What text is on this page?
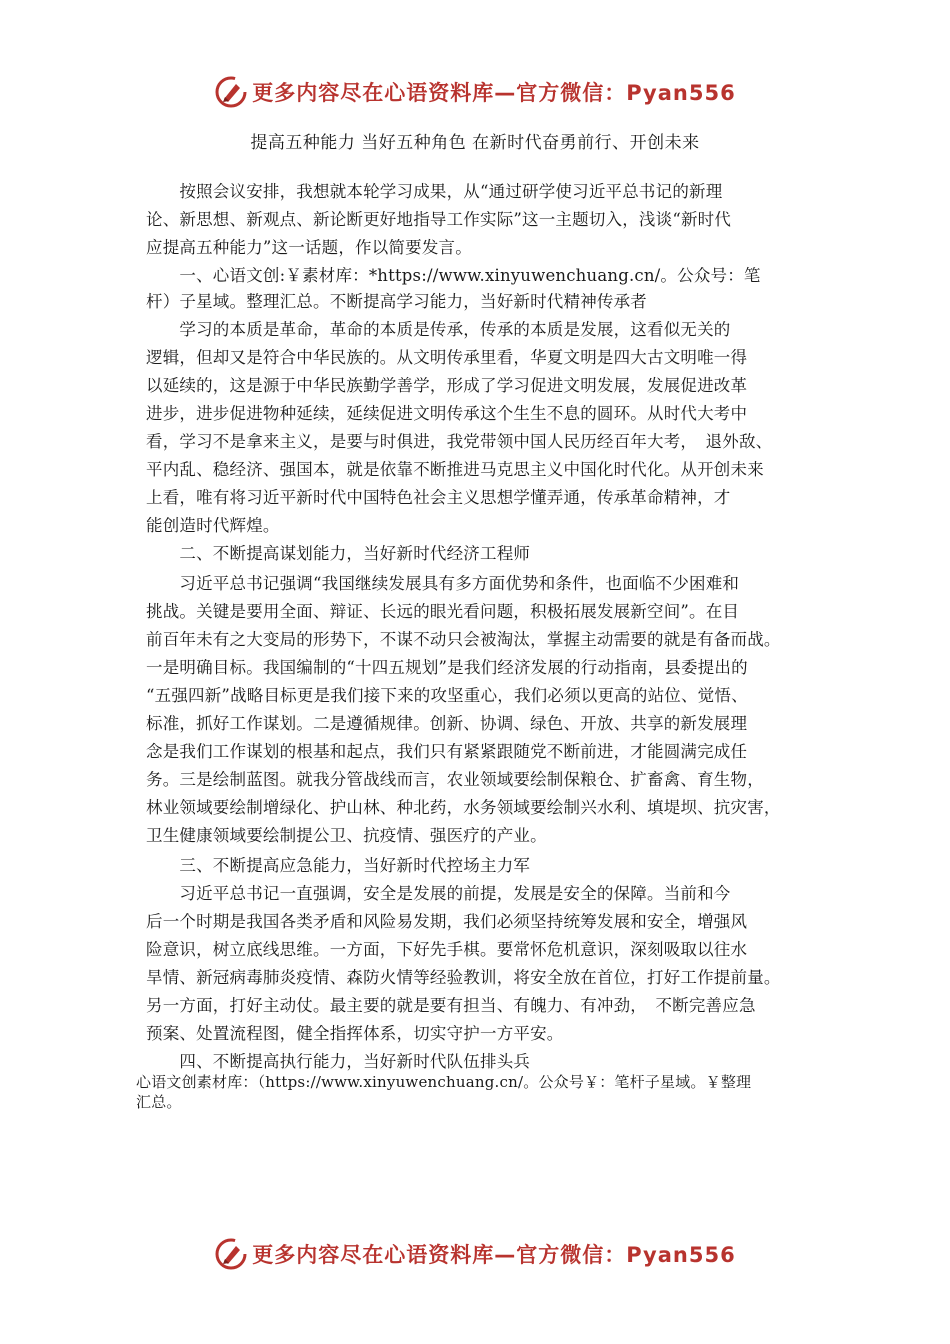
更多内容尽在心语资料库—官方微信：Pyan556
提高五种能力 当好五种角色 在新时代奋勇前行、开创未来
　　按照会议安排，我想就本轮学习成果，从“通过研学使习近平总书记的新理
论、新思想、新观点、新论断更好地指导工作实际”这一主题切入，浅谈“新时代
应提高五种能力”这一话题，作以简要发言。
　　一、心语文创:￥素材库：*https://www.xinyuwenchuang.cn/。公众号：笔
杆）子星域。整理汇总。不断提高学习能力，当好新时代精神传承者
　　学习的本质是革命，革命的本质是传承，传承的本质是发展，这看似无关的
逻辑，但却又是符合中华民族的。从文明传承里看，华夏文明是四大古文明唯一得
以延续的，这是源于中华民族勤学善学，形成了学习促进文明发展，发展促进改革
进步，进步促进物种延续，延续促进文明传承这个生生不息的圆环。从时代大考中
看，学习不是拿来主义，是要与时俱进，我党带领中国人民历经百年大考，　退外敌、
平内乱、稳经济、强国本，就是依靠不断推进马克思主义中国化时代化。从开创未来
上看，唯有将习近平新时代中国特色社会主义思想学懂弄通，传承革命精神，才
能创造时代辉煌。
　　二、不断提高谋划能力，当好新时代经济工程师
　　习近平总书记强调“我国继续发展具有多方面优势和条件，也面临不少困难和
挑战。关键是要用全面、辩证、长远的眼光看问题，积极拓展发展新空间”。在目
前百年未有之大变局的形势下，不谋不动只会被淘汰，掌握主动需要的就是有备而战。
一是明确目标。我国编制的“十四五规划”是我们经济发展的行动指南，县委提出的
“五强四新”战略目标更是我们接下来的攻坚重心，我们必须以更高的站位、觉悟、
标准，抓好工作谋划。二是遵循规律。创新、协调、绿色、开放、共享的新发展理
念是我们工作谋划的根基和起点，我们只有紧紧跟随党不断前进，才能圆满完成任
务。三是绘制蓝图。就我分管战线而言，农业领域要绘制保粮仓、扩畜禽、育生物，
林业领域要绘制增绿化、护山林、种北药，水务领域要绘制兴水利、填堤坝、抗灾害，
卫生健康领域要绘制提公卫、抗疫情、强医疗的产业。
　　三、不断提高应急能力，当好新时代控场主力军
　　习近平总书记一直强调，安全是发展的前提，发展是安全的保障。当前和今
后一个时期是我国各类矛盾和风险易发期，我们必须坚持统筹发展和安全，增强风
险意识，树立底线思维。一方面，下好先手棋。要常怀危机意识，深刻吸取以往水
旱情、新冠病毒肺炎疫情、森防火情等经验教训，将安全放在首位，打好工作提前量。
另一方面，打好主动仗。最主要的就是要有担当、有魄力、有冲劲，　不断完善应急
预案、处置流程图，健全指挥体系，切实守护一方平安。
　　四、不断提高执行能力，当好新时代队伍排头兵
心语文创素材库：（https://www.xinyuwenchuang.cn/。公众号￥：笔杆子星域。￥整理
汇总。
更多内容尽在心语资料库—官方微信：Pyan556
